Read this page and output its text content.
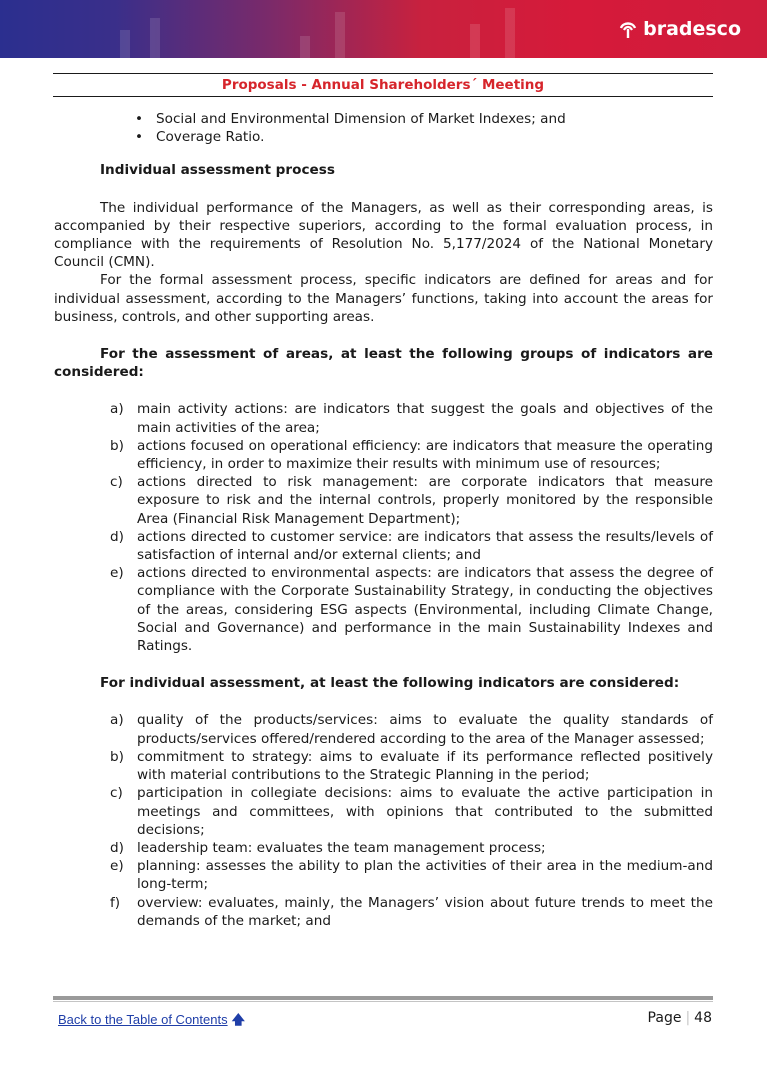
bradesco
Proposals - Annual Shareholders´ Meeting
• Social and Environmental Dimension of Market Indexes; and
• Coverage Ratio.
Individual assessment process

The individual performance of the Managers, as well as their corresponding areas, is accompanied by their respective superiors, according to the formal evaluation process, in compliance with the requirements of Resolution No. 5,177/2024 of the National Monetary Council (CMN).

For the formal assessment process, specific indicators are defined for areas and for individual assessment, according to the Managers’ functions, taking into account the areas for business, controls, and other supporting areas.

For the assessment of areas, at least the following groups of indicators are considered:

a) main activity actions: are indicators that suggest the goals and objectives of the main activities of the area;
b) actions focused on operational efficiency: are indicators that measure the operating efficiency, in order to maximize their results with minimum use of resources;
c) actions directed to risk management: are corporate indicators that measure exposure to risk and the internal controls, properly monitored by the responsible Area (Financial Risk Management Department);
d) actions directed to customer service: are indicators that assess the results/levels of satisfaction of internal and/or external clients; and
e) actions directed to environmental aspects: are indicators that assess the degree of compliance with the Corporate Sustainability Strategy, in conducting the objectives of the areas, considering ESG aspects (Environmental, including Climate Change, Social and Governance) and performance in the main Sustainability Indexes and Ratings.
For individual assessment, at least the following indicators are considered:
a) quality of the products/services: aims to evaluate the quality standards of products/services offered/rendered according to the area of the Manager assessed;
b) commitment to strategy: aims to evaluate if its performance reflected positively with material contributions to the Strategic Planning in the period;
c) participation in collegiate decisions: aims to evaluate the active participation in meetings and committees, with opinions that contributed to the submitted decisions;
d) leadership team: evaluates the team management process;
e) planning: assesses the ability to plan the activities of their area in the medium-and long-term;
f) overview: evaluates, mainly, the Managers’ vision about future trends to meet the demands of the market; and
Back to the Table of Contents 🡅	Page | 48
